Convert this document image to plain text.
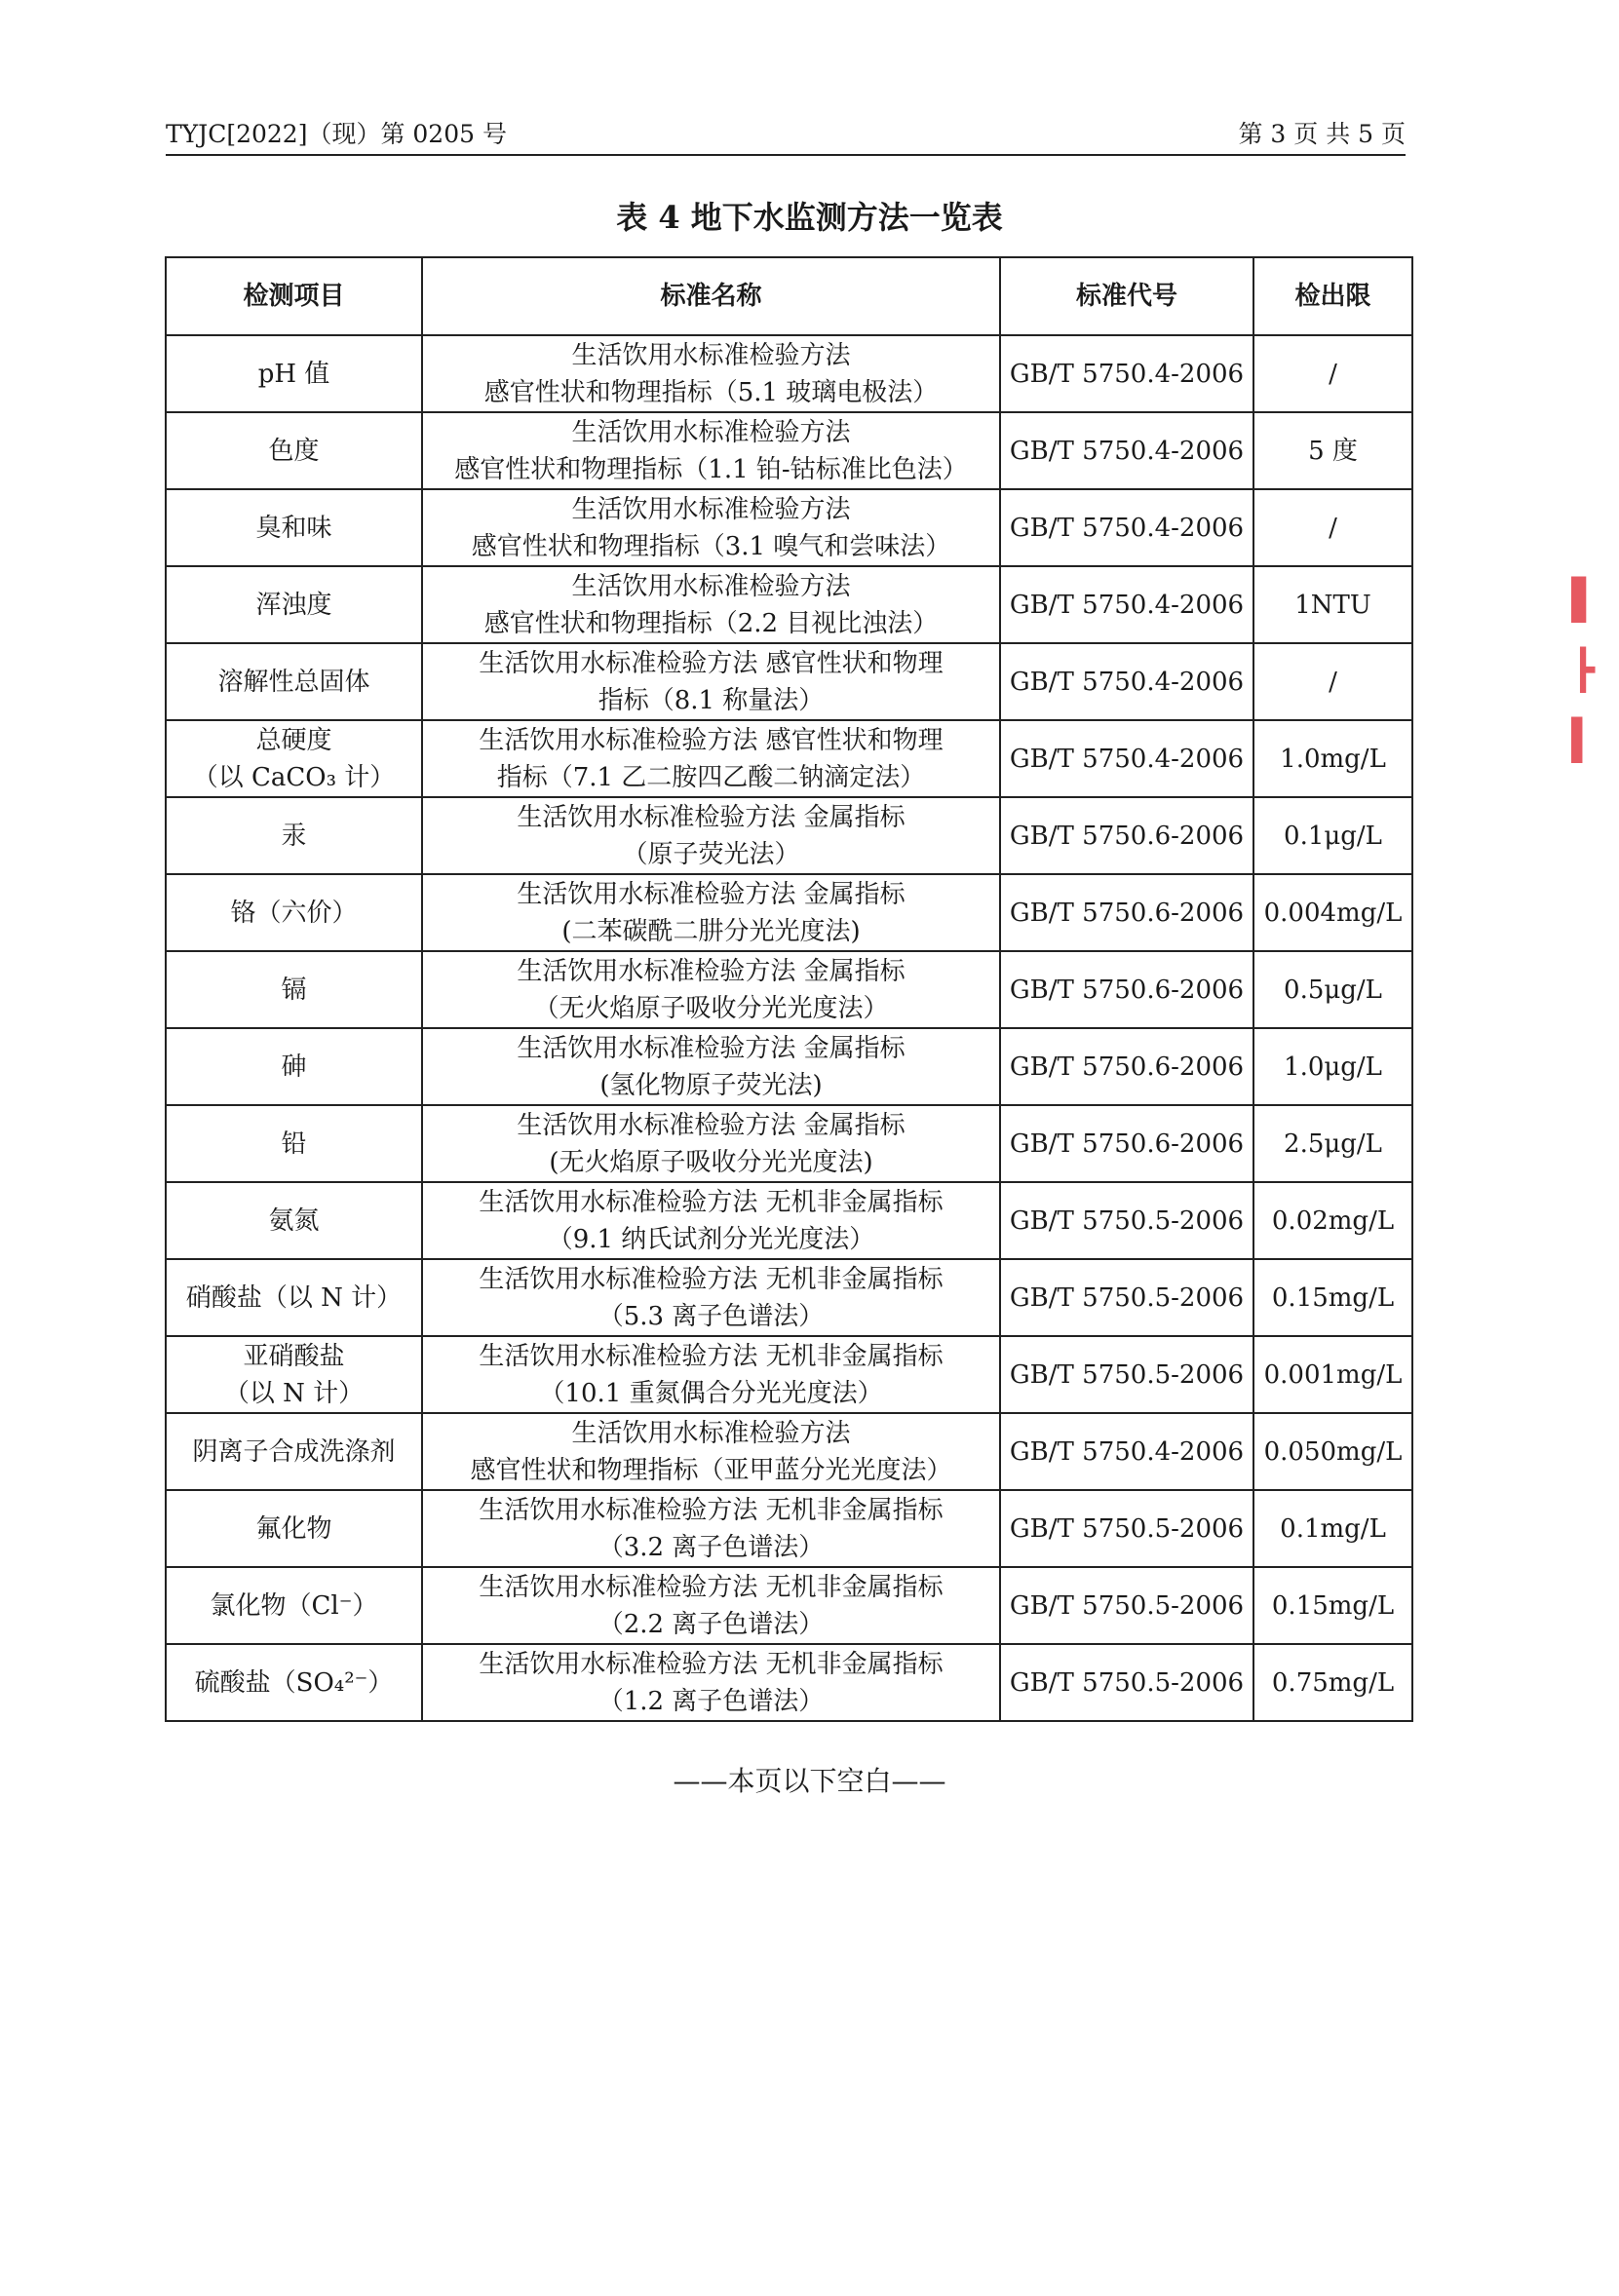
TYJC[2022]（现）第 0205 号	第 3 页 共 5 页
表 4 地下水监测方法一览表
检测项目	标准名称	标准代号	检出限

pH 值	生活饮用水标准检验方法
感官性状和物理指标（5.1 玻璃电极法）	GB/T 5750.4-2006	/

色度	生活饮用水标准检验方法
感官性状和物理指标（1.1 铂-钴标准比色法）	GB/T 5750.4-2006	5 度

臭和味	生活饮用水标准检验方法
感官性状和物理指标（3.1 嗅气和尝味法）	GB/T 5750.4-2006	/

浑浊度	生活饮用水标准检验方法
感官性状和物理指标（2.2 目视比浊法）	GB/T 5750.4-2006	1NTU

溶解性总固体	生活饮用水标准检验方法 感官性状和物理
指标（8.1 称量法）	GB/T 5750.4-2006	/

总硬度
（以 CaCO₃ 计）	生活饮用水标准检验方法 感官性状和物理
指标（7.1 乙二胺四乙酸二钠滴定法）	GB/T 5750.4-2006	1.0mg/L

汞	生活饮用水标准检验方法 金属指标
（原子荧光法）	GB/T 5750.6-2006	0.1μg/L

铬（六价）	生活饮用水标准检验方法 金属指标
(二苯碳酰二肼分光光度法)	GB/T 5750.6-2006	0.004mg/L

镉	生活饮用水标准检验方法 金属指标
（无火焰原子吸收分光光度法）	GB/T 5750.6-2006	0.5μg/L

砷	生活饮用水标准检验方法 金属指标
(氢化物原子荧光法)	GB/T 5750.6-2006	1.0μg/L

铅	生活饮用水标准检验方法 金属指标
(无火焰原子吸收分光光度法)	GB/T 5750.6-2006	2.5μg/L

氨氮	生活饮用水标准检验方法 无机非金属指标
（9.1 纳氏试剂分光光度法）	GB/T 5750.5-2006	0.02mg/L

硝酸盐（以 N 计）	生活饮用水标准检验方法 无机非金属指标
（5.3 离子色谱法）	GB/T 5750.5-2006	0.15mg/L

亚硝酸盐
（以 N 计）	生活饮用水标准检验方法 无机非金属指标
（10.1 重氮偶合分光光度法）	GB/T 5750.5-2006	0.001mg/L

阴离子合成洗涤剂	生活饮用水标准检验方法
感官性状和物理指标（亚甲蓝分光光度法）	GB/T 5750.4-2006	0.050mg/L

氟化物	生活饮用水标准检验方法 无机非金属指标
（3.2 离子色谱法）	GB/T 5750.5-2006	0.1mg/L

氯化物（Cl⁻）	生活饮用水标准检验方法 无机非金属指标
（2.2 离子色谱法）	GB/T 5750.5-2006	0.15mg/L

硫酸盐（SO₄²⁻）	生活饮用水标准检验方法 无机非金属指标
（1.2 离子色谱法）	GB/T 5750.5-2006	0.75mg/L
——本页以下空白——
▌
┣
▍
